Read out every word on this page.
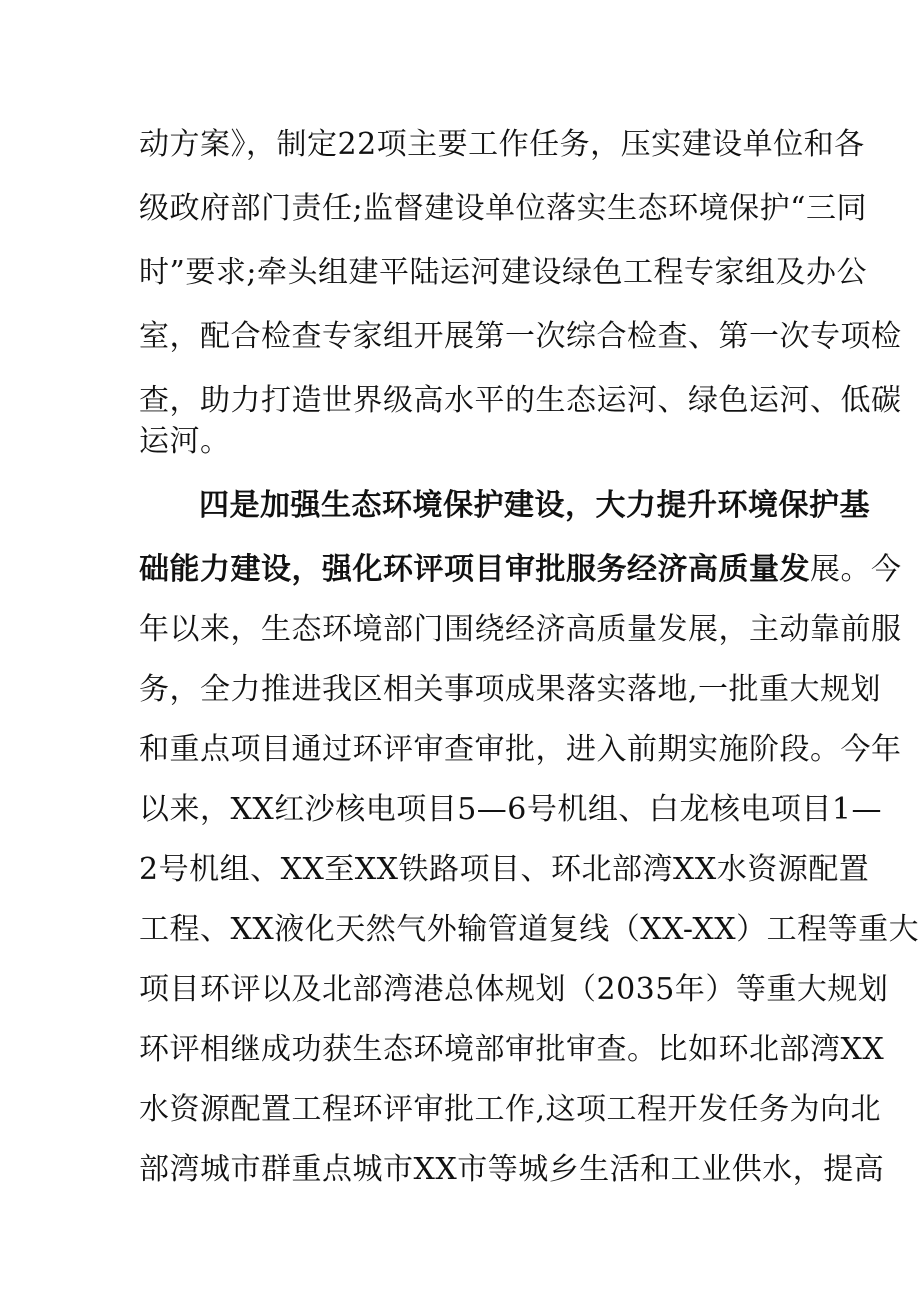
动方案》，制定22项主要工作任务，压实建设单位和各
级政府部门责任;监督建设单位落实生态环境保护“三同
时”要求;牵头组建平陆运河建设绿色工程专家组及办公
室，配合检查专家组开展第一次综合检查、第一次专项检
查，助力打造世界级高水平的生态运河、绿色运河、低碳
运河。
四是加强生态环境保护建设，大力提升环境保护基
础能力建设，强化环评项目审批服务经济高质量发展。今
年以来，生态环境部门围绕经济高质量发展，主动靠前服
务，全力推进我区相关事项成果落实落地,一批重大规划
和重点项目通过环评审查审批，进入前期实施阶段。今年
以来，XX红沙核电项目5—6号机组、白龙核电项目1—
2号机组、XX至XX铁路项目、环北部湾XX水资源配置
工程、XX液化天然气外输管道复线（XX-XX）工程等重大
项目环评以及北部湾港总体规划（2035年）等重大规划
环评相继成功获生态环境部审批审查。比如环北部湾XX
水资源配置工程环评审批工作,这项工程开发任务为向北
部湾城市群重点城市XX市等城乡生活和工业供水，提高
